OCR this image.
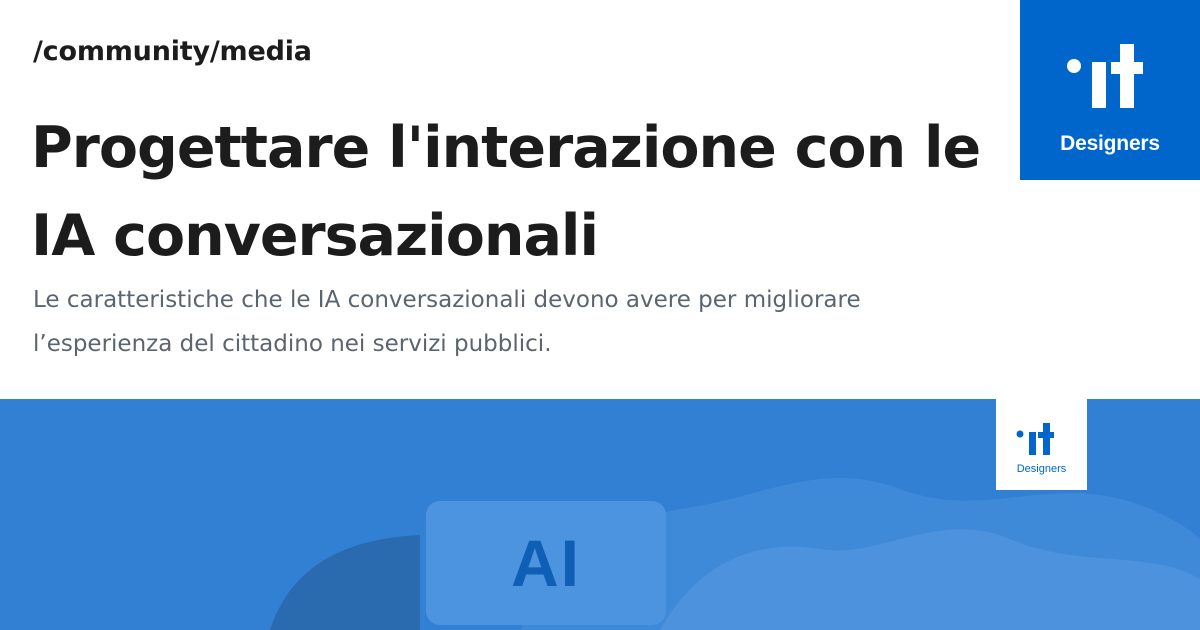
/community/media
Progettare l'interazione con le IA conversazionali

Le caratteristiche che le IA conversazionali devono avere per migliorare l’esperienza del cittadino nei servizi pubblici.

Designers
AI
Designers
